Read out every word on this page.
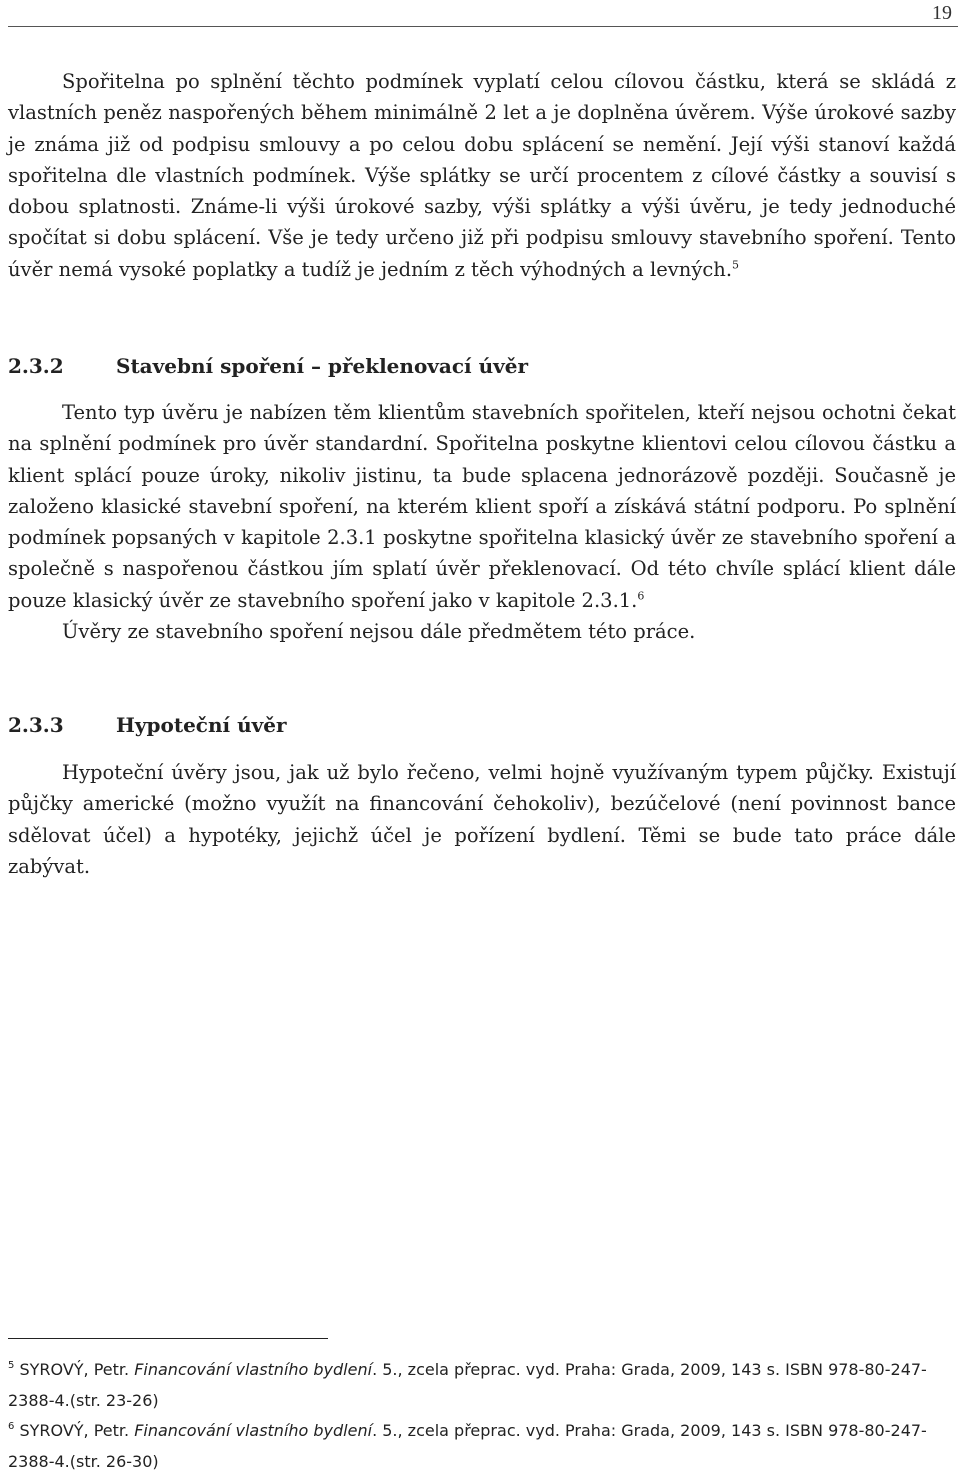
19

Spořitelna po splnění těchto podmínek vyplatí celou cílovou částku, která se skládá z vlastních peněz naspořených během minimálně 2 let a je doplněna úvěrem. Výše úrokové sazby je známa již od podpisu smlouvy a po celou dobu splácení se nemění. Její výši stanoví každá spořitelna dle vlastních podmínek. Výše splátky se určí procentem z cílové částky a souvisí s dobou splatnosti. Známe-li výši úrokové sazby, výši splátky a výši úvěru, je tedy jednoduché spočítat si dobu splácení. Vše je tedy určeno již při podpisu smlouvy stavebního spoření. Tento úvěr nemá vysoké poplatky a tudíž je jedním z těch výhodných a levných.$^5$

2.3.2	Stavební spoření – překlenovací úvěr

Tento typ úvěru je nabízen těm klientům stavebních spořitelen, kteří nejsou ochotni čekat na splnění podmínek pro úvěr standardní. Spořitelna poskytne klientovi celou cílovou částku a klient splácí pouze úroky, nikoliv jistinu, ta bude splacena jednorázově později. Současně je založeno klasické stavební spoření, na kterém klient spoří a získává státní podporu. Po splnění podmínek popsaných v kapitole 2.3.1 poskytne spořitelna klasický úvěr ze stavebního spoření a společně s naspořenou částkou jím splatí úvěr překlenovací. Od této chvíle splácí klient dále pouze klasický úvěr ze stavebního spoření jako v kapitole 2.3.1.$^6$

Úvěry ze stavebního spoření nejsou dále předmětem této práce.

2.3.3	Hypoteční úvěr

Hypoteční úvěry jsou, jak už bylo řečeno, velmi hojně využívaným typem půjčky. Existují půjčky americké (možno využít na financování čehokoliv), bezúčelové (není povinnost bance sdělovat účel) a hypotéky, jejichž účel je pořízení bydlení. Těmi se bude tato práce dále zabývat.

$^5$ SYROVÝ, Petr. Financování vlastního bydlení. 5., zcela přeprac. vyd. Praha: Grada, 2009, 143 s. ISBN 978-80-247-2388-4.(str. 23-26)

$^6$ SYROVÝ, Petr. Financování vlastního bydlení. 5., zcela přeprac. vyd. Praha: Grada, 2009, 143 s. ISBN 978-80-247-2388-4.(str. 26-30)
